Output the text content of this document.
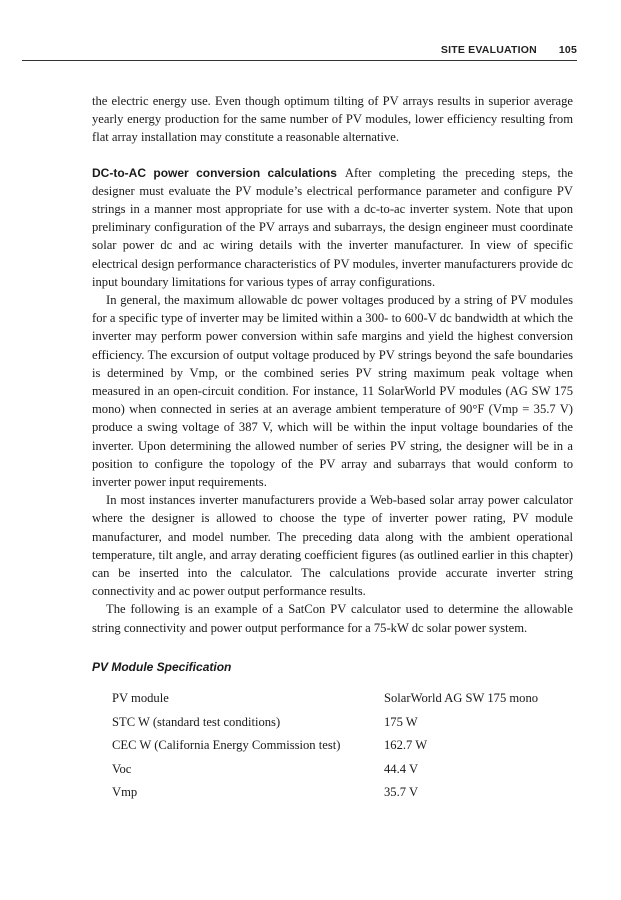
SITE EVALUATION 105

the electric energy use. Even though optimum tilting of PV arrays results in superior average yearly energy production for the same number of PV modules, lower efficiency resulting from flat array installation may constitute a reasonable alternative.

DC-to-AC power conversion calculations After completing the preceding steps, the designer must evaluate the PV module’s electrical performance parameter and configure PV strings in a manner most appropriate for use with a dc-to-ac inverter system. Note that upon preliminary configuration of the PV arrays and subarrays, the design engineer must coordinate solar power dc and ac wiring details with the inverter manufacturer. In view of specific electrical design performance characteristics of PV modules, inverter manufacturers provide dc input boundary limitations for various types of array configurations.

In general, the maximum allowable dc power voltages produced by a string of PV modules for a specific type of inverter may be limited within a 300- to 600-V dc bandwidth at which the inverter may perform power conversion within safe margins and yield the highest conversion efficiency. The excursion of output voltage produced by PV strings beyond the safe boundaries is determined by Vmp, or the combined series PV string maximum peak voltage when measured in an open-circuit condition. For instance, 11 SolarWorld PV modules (AG SW 175 mono) when connected in series at an average ambient temperature of 90°F (Vmp = 35.7 V) produce a swing voltage of 387 V, which will be within the input voltage boundaries of the inverter. Upon determining the allowed number of series PV string, the designer will be in a position to configure the topology of the PV array and subarrays that would conform to inverter power input requirements.

In most instances inverter manufacturers provide a Web-based solar array power calculator where the designer is allowed to choose the type of inverter power rating, PV module manufacturer, and model number. The preceding data along with the ambient operational temperature, tilt angle, and array derating coefficient figures (as outlined earlier in this chapter) can be inserted into the calculator. The calculations provide accurate inverter string connectivity and ac power output performance results.

The following is an example of a SatCon PV calculator used to determine the allowable string connectivity and power output performance for a 75-kW dc solar power system.

PV Module Specification
PV module	SolarWorld AG SW 175 mono
STC W (standard test conditions)	175 W
CEC W (California Energy Commission test)	162.7 W
Voc	44.4 V
Vmp	35.7 V
